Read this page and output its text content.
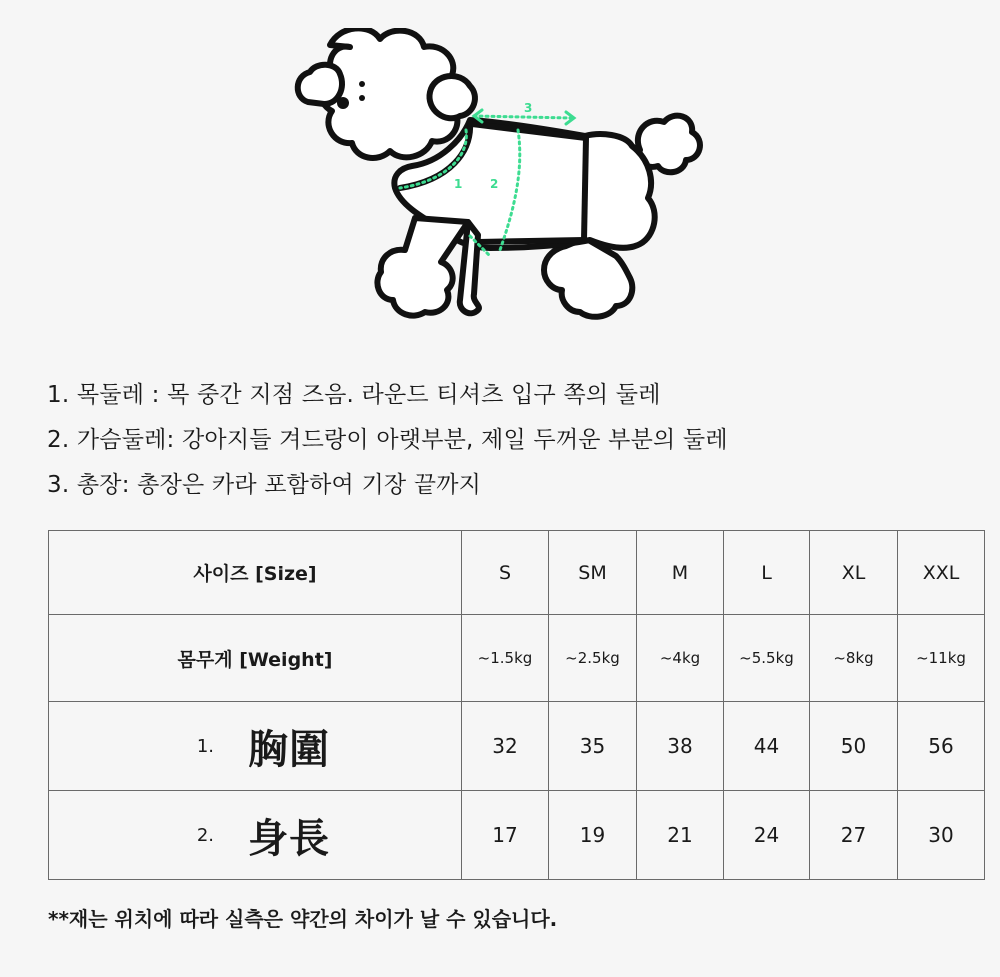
1 2
3
1. 목둘레 : 목 중간 지점 즈음. 라운드 티셔츠 입구 쪽의 둘레
2. 가슴둘레: 강아지들 겨드랑이 아랫부분, 제일 두꺼운 부분의 둘레
3. 총장: 총장은 카라 포함하여 기장 끝까지
사이즈 [Size]	S	SM	M	L	XL	XXL
몸무게 [Weight]	~1.5kg	~2.5kg	~4kg	~5.5kg	~8kg	~11kg
1. 胸圍	32	35	38	44	50	56
2. 身長	17	19	21	24	27	30
**재는 위치에 따라 실측은 약간의 차이가 날 수 있습니다.
